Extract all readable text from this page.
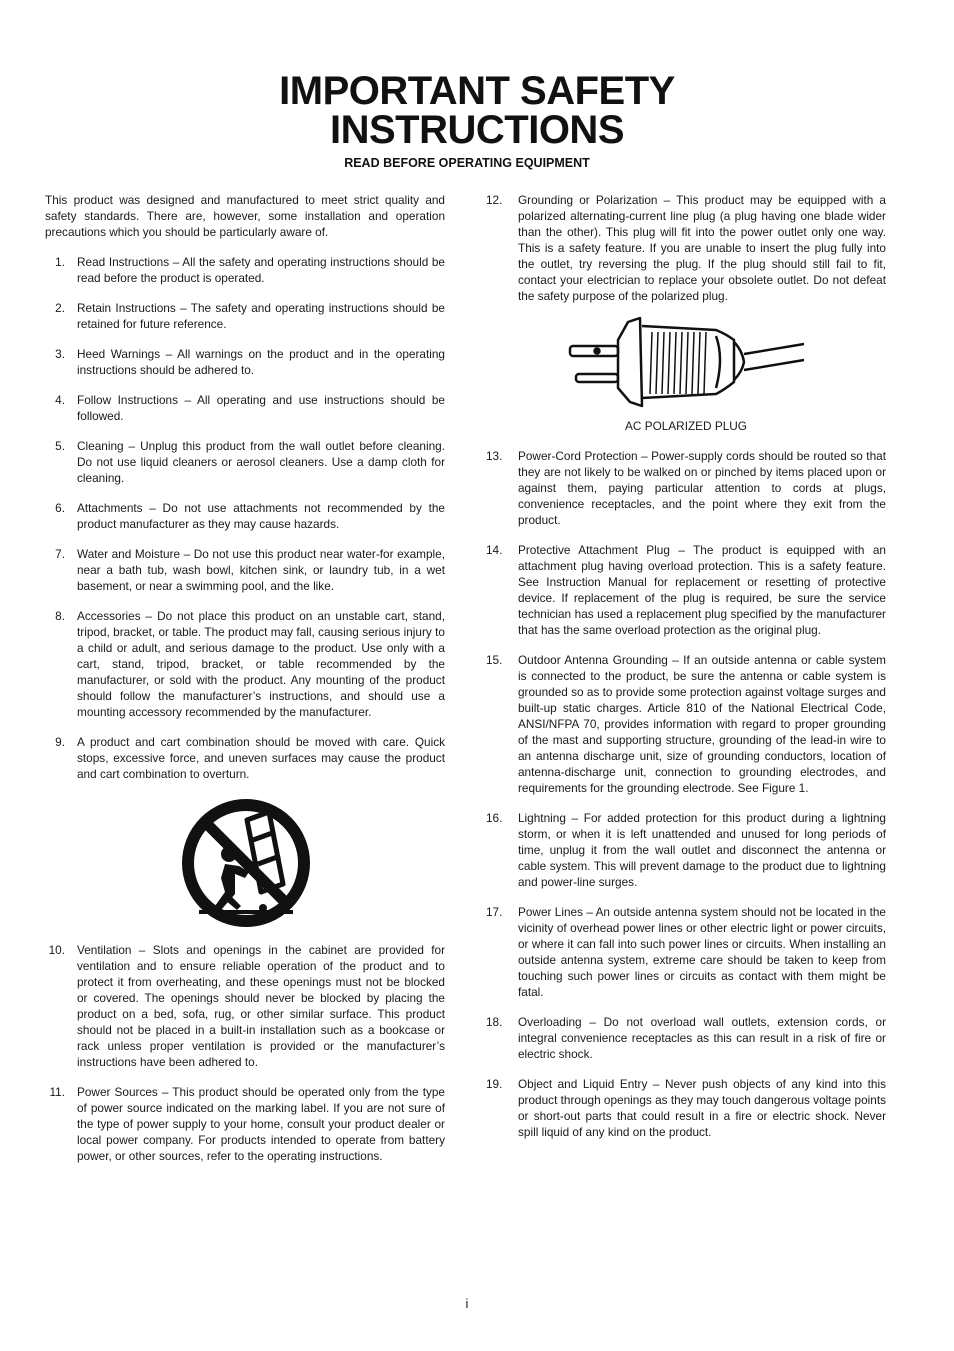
IMPORTANT SAFETY
INSTRUCTIONS
READ BEFORE OPERATING EQUIPMENT

This product was designed and manufactured to meet strict quality and safety standards. There are, however, some installation and operation precautions which you should be particularly aware of.

1.	Read Instructions – All the safety and operating instructions should be read before the product is operated.
2.	Retain Instructions – The safety and operating instructions should be retained for future reference.
3.	Heed Warnings – All warnings on the product and in the operating instructions should be adhered to.
4.	Follow Instructions – All operating and use instructions should be followed.
5.	Cleaning – Unplug this product from the wall outlet before cleaning. Do not use liquid cleaners or aerosol cleaners. Use a damp cloth for cleaning.
6.	Attachments – Do not use attachments not recommended by the product manufacturer as they may cause hazards.
7.	Water and Moisture – Do not use this product near water-for example, near a bath tub, wash bowl, kitchen sink, or laundry tub, in a wet basement, or near a swimming pool, and the like.
8.	Accessories – Do not place this product on an unstable cart, stand, tripod, bracket, or table. The product may fall, causing serious injury to a child or adult, and serious damage to the product. Use only with a cart, stand, tripod, bracket, or table recommended by the manufacturer, or sold with the product. Any mounting of the product should follow the manufacturer’s instructions, and should use a mounting accessory recommended by the manufacturer.
9.	A product and cart combination should be moved with care. Quick stops, excessive force, and uneven surfaces may cause the product and cart combination to overturn.
10.	Ventilation – Slots and openings in the cabinet are provided for ventilation and to ensure reliable operation of the product and to protect it from overheating, and these openings must not be blocked or covered. The openings should never be blocked by placing the product on a bed, sofa, rug, or other similar surface. This product should not be placed in a built-in installation such as a bookcase or rack unless proper ventilation is provided or the manufacturer’s instructions have been adhered to.
11.	Power Sources – This product should be operated only from the type of power source indicated on the marking label. If you are not sure of the type of power supply to your home, consult your product dealer or local power company. For products intended to operate from battery power, or other sources, refer to the operating instructions.
12.	Grounding or Polarization – This product may be equipped with a polarized alternating-current line plug (a plug having one blade wider than the other). This plug will fit into the power outlet only one way. This is a safety feature. If you are unable to insert the plug fully into the outlet, try reversing the plug. If the plug should still fail to fit, contact your electrician to replace your obsolete outlet. Do not defeat the safety purpose of the polarized plug.
AC POLARIZED PLUG
13.	Power-Cord Protection – Power-supply cords should be routed so that they are not likely to be walked on or pinched by items placed upon or against them, paying particular attention to cords at plugs, convenience receptacles, and the point where they exit from the product.
14.	Protective Attachment Plug – The product is equipped with an attachment plug having overload protection. This is a safety feature. See Instruction Manual for replacement or resetting of protective device. If replacement of the plug is required, be sure the service technician has used a replacement plug specified by the manufacturer that has the same overload protection as the original plug.
15.	Outdoor Antenna Grounding – If an outside antenna or cable system is connected to the product, be sure the antenna or cable system is grounded so as to provide some protection against voltage surges and built-up static charges. Article 810 of the National Electrical Code, ANSI/NFPA 70, provides information with regard to proper grounding of the mast and supporting structure, grounding of the lead-in wire to an antenna discharge unit, size of grounding conductors, location of antenna-discharge unit, connection to grounding electrodes, and requirements for the grounding electrode. See Figure 1.
16.	Lightning – For added protection for this product during a lightning storm, or when it is left unattended and unused for long periods of time, unplug it from the wall outlet and disconnect the antenna or cable system. This will prevent damage to the product due to lightning and power-line surges.
17.	Power Lines – An outside antenna system should not be located in the vicinity of overhead power lines or other electric light or power circuits, or where it can fall into such power lines or circuits. When installing an outside antenna system, extreme care should be taken to keep from touching such power lines or circuits as contact with them might be fatal.
18.	Overloading – Do not overload wall outlets, extension cords, or integral convenience receptacles as this can result in a risk of fire or electric shock.
19.	Object and Liquid Entry – Never push objects of any kind into this product through openings as they may touch dangerous voltage points or short-out parts that could result in a fire or electric shock. Never spill liquid of any kind on the product.
i
